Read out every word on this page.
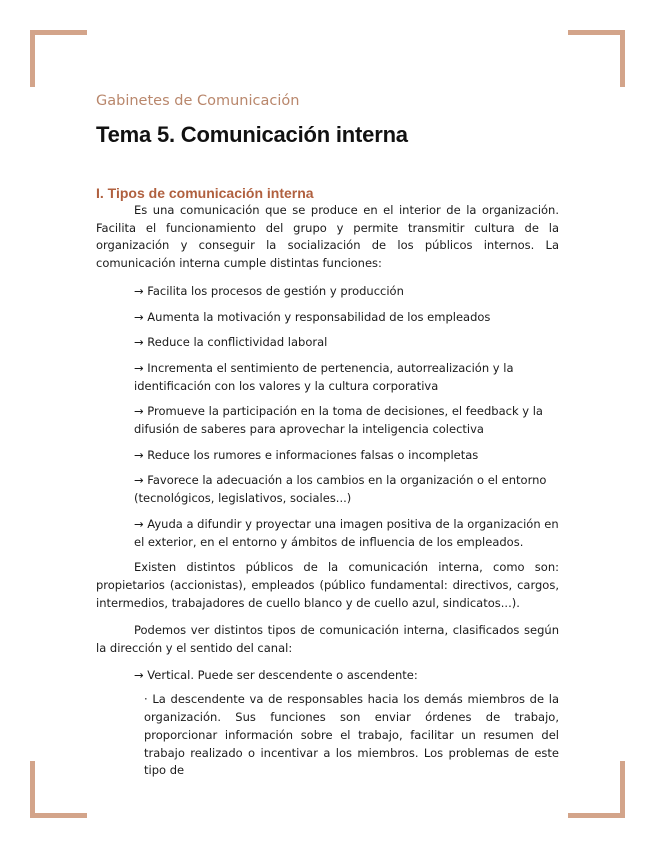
Gabinetes de Comunicación
Tema 5. Comunicación interna
I. Tipos de comunicación interna

Es una comunicación que se produce en el interior de la organización. Facilita el funcionamiento del grupo y permite transmitir cultura de la organización y conseguir la socialización de los públicos internos. La comunicación interna cumple distintas funciones:

→ Facilita los procesos de gestión y producción

→ Aumenta la motivación y responsabilidad de los empleados

→ Reduce la conflictividad laboral

→ Incrementa el sentimiento de pertenencia, autorrealización y la identificación con los valores y la cultura corporativa

→ Promueve la participación en la toma de decisiones, el feedback y la difusión de saberes para aprovechar la inteligencia colectiva

→ Reduce los rumores e informaciones falsas o incompletas

→ Favorece la adecuación a los cambios en la organización o el entorno (tecnológicos, legislativos, sociales...)

→ Ayuda a difundir y proyectar una imagen positiva de la organización en el exterior, en el entorno y ámbitos de influencia de los empleados.

Existen distintos públicos de la comunicación interna, como son: propietarios (accionistas), empleados (público fundamental: directivos, cargos, intermedios, trabajadores de cuello blanco y de cuello azul, sindicatos...).

Podemos ver distintos tipos de comunicación interna, clasificados según la dirección y el sentido del canal:

→ Vertical. Puede ser descendente o ascendente:

· La descendente va de responsables hacia los demás miembros de la organización. Sus funciones son enviar órdenes de trabajo, proporcionar información sobre el trabajo, facilitar un resumen del trabajo realizado o incentivar a los miembros. Los problemas de este tipo de
